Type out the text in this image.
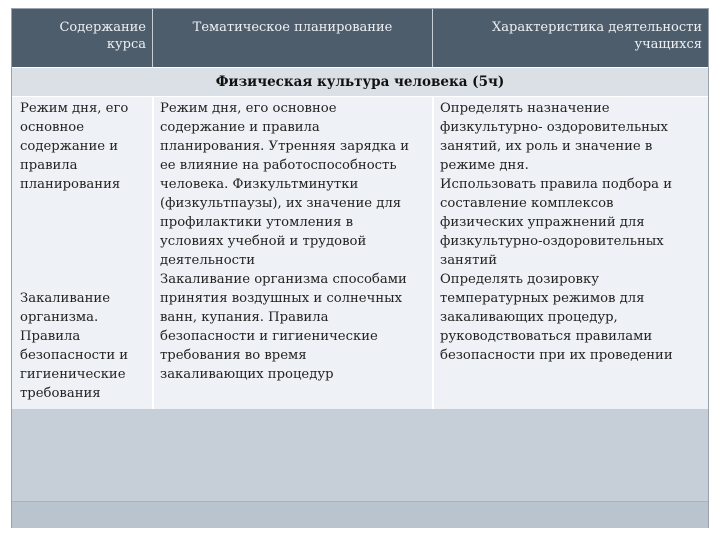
Содержание
курса
Тематическое планирование	Характеристика деятельности
учащихся
Физическая культура человека (5ч)
Режим дня, его
основное
содержание и
правила
планирования
Закаливание
организма.
Правила
безопасности и
гигиенические
требования
Режим дня, его основное
содержание и правила
планирования. Утренняя зарядка и
ее влияние на работоспособность
человека. Физкультминутки
(физкультпаузы), их значение для
профилактики утомления в
условиях учебной и трудовой
деятельности
Закаливание организма способами
принятия воздушных и солнечных
ванн, купания. Правила
безопасности и гигиенические
требования во время
закаливающих процедур
Определять назначение
физкультурно- оздоровительных
занятий, их роль и значение в
режиме дня.
Использовать правила подбора и
составление комплексов
физических упражнений для
физкультурно-оздоровительных
занятий
Определять дозировку
температурных режимов для
закаливающих процедур,
руководствоваться правилами
безопасности при их проведении
